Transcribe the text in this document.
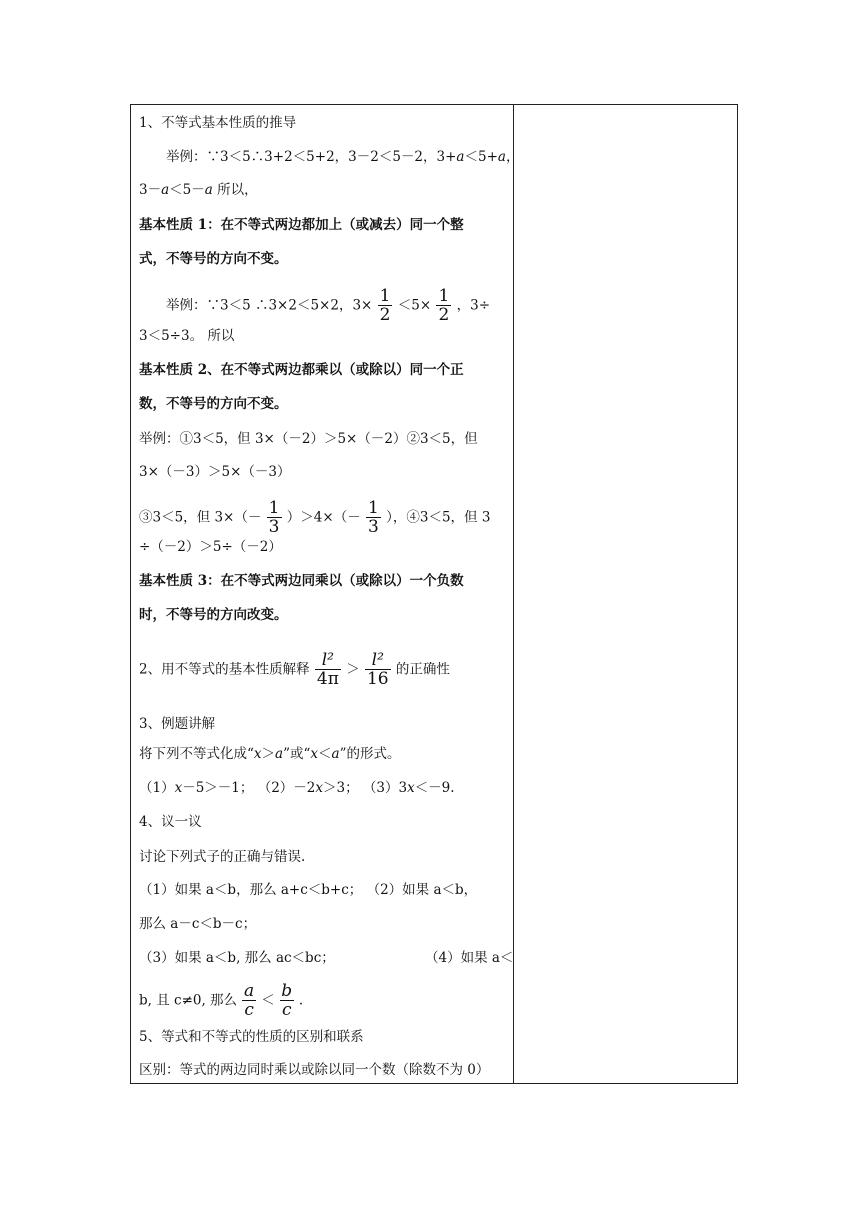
1、不等式基本性质的推导
举例：∵3＜5∴3+2＜5+2，3－2＜5－2，3+a＜5+a，
3－a＜5－a 所以，
基本性质 1：在不等式两边都加上（或减去）同一个整
式，不等号的方向不变。
举例：∵3＜5 ∴3×2＜5×2，$3\times \frac{1}{2} <5\times \frac{1}{2}$ ，3÷
3＜5÷3。 所以
基本性质 2、在不等式两边都乘以（或除以）同一个正
数，不等号的方向不变。
举例：①3＜5，但 3×（－2）＞5×（－2）②3＜5，但
3×（－3）＞5×（－3）
③3＜5，但 $3\times(- \frac{1}{3} )>4\times(- \frac{1}{3}$ ），④3＜5，但 3
÷（－2）＞5÷（－2）
基本性质 3：在不等式两边同乘以（或除以）一个负数
时，不等号的方向改变。
2、用不等式的基本性质解释 $\frac{\text{l²}}{4\pi} > \frac{\text{l²}}{16}$ 的正确性
3、例题讲解
将下列不等式化成“x＞a”或“x＜a”的形式。
（1）x－5＞－1； （2）－2x＞3； （3）3x＜－9.
4、议一议
讨论下列式子的正确与错误.
（1）如果 a＜b，那么 a+c＜b+c； （2）如果 a＜b，
那么 a－c＜b－c；
（3）如果 a＜b, 那么 ac＜bc；	（4）如果 a＜
b, 且 c≠0, 那么 $\frac{a}{c} < \frac{b}{c}$ .
5、等式和不等式的性质的区别和联系
区别：等式的两边同时乘以或除以同一个数（除数不为 0）
